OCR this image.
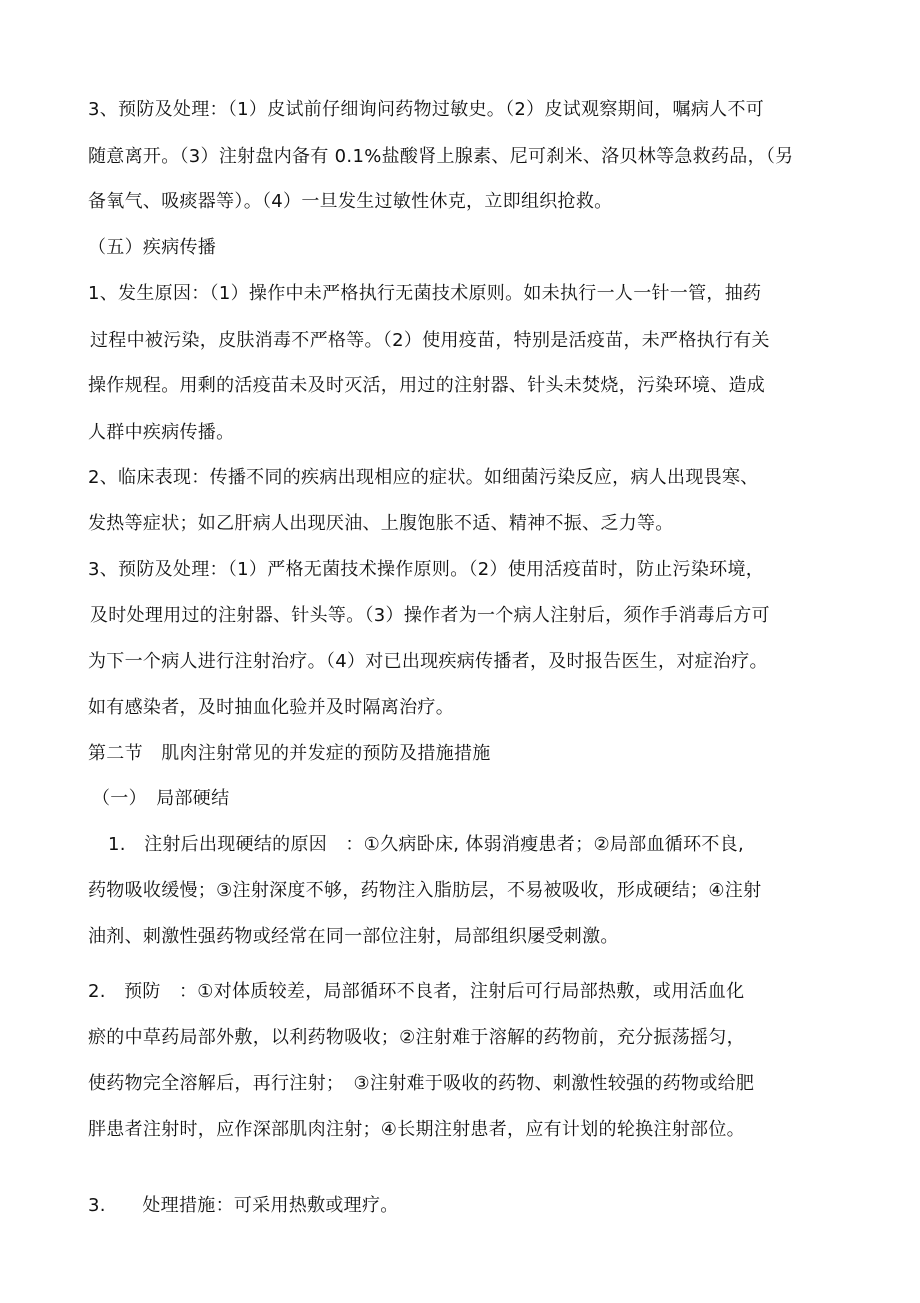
3、预防及处理：（1）皮试前仔细询问药物过敏史。（2）皮试观察期间，嘱病人不可
随意离开。（3）注射盘内备有 0.1%盐酸肾上腺素、尼可刹米、洛贝林等急救药品，（另
备氧气、吸痰器等）。（4）一旦发生过敏性休克，立即组织抢救。
（五）疾病传播
1、发生原因：（1）操作中未严格执行无菌技术原则。如未执行一人一针一管，抽药
过程中被污染，皮肤消毒不严格等。（2）使用疫苗，特别是活疫苗，未严格执行有关
操作规程。用剩的活疫苗未及时灭活，用过的注射器、针头未焚烧，污染环境、造成
人群中疾病传播。
2、临床表现：传播不同的疾病出现相应的症状。如细菌污染反应，病人出现畏寒、
发热等症状；如乙肝病人出现厌油、上腹饱胀不适、精神不振、乏力等。
3、预防及处理：（1）严格无菌技术操作原则。（2）使用活疫苗时，防止污染环境，
及时处理用过的注射器、针头等。（3）操作者为一个病人注射后，须作手消毒后方可
为下一个病人进行注射治疗。（4）对已出现疾病传播者，及时报告医生，对症治疗。
如有感染者，及时抽血化验并及时隔离治疗。
第二节　肌肉注射常见的并发症的预防及措施措施
（一）　局部硬结
1.　注射后出现硬结的原因　：①久病卧床, 体弱消瘦患者；②局部血循环不良,
药物吸收缓慢；③注射深度不够，药物注入脂肪层，不易被吸收，形成硬结；④注射
油剂、刺激性强药物或经常在同一部位注射，局部组织屡受刺激。
2.　预防　：①对体质较差，局部循环不良者，注射后可行局部热敷，或用活血化
瘀的中草药局部外敷，以利药物吸收；②注射难于溶解的药物前，充分振荡摇匀，
使药物完全溶解后，再行注射；　③注射难于吸收的药物、刺激性较强的药物或给肥
胖患者注射时，应作深部肌肉注射；④长期注射患者，应有计划的轮换注射部位。
3.　　处理措施：可采用热敷或理疗。
